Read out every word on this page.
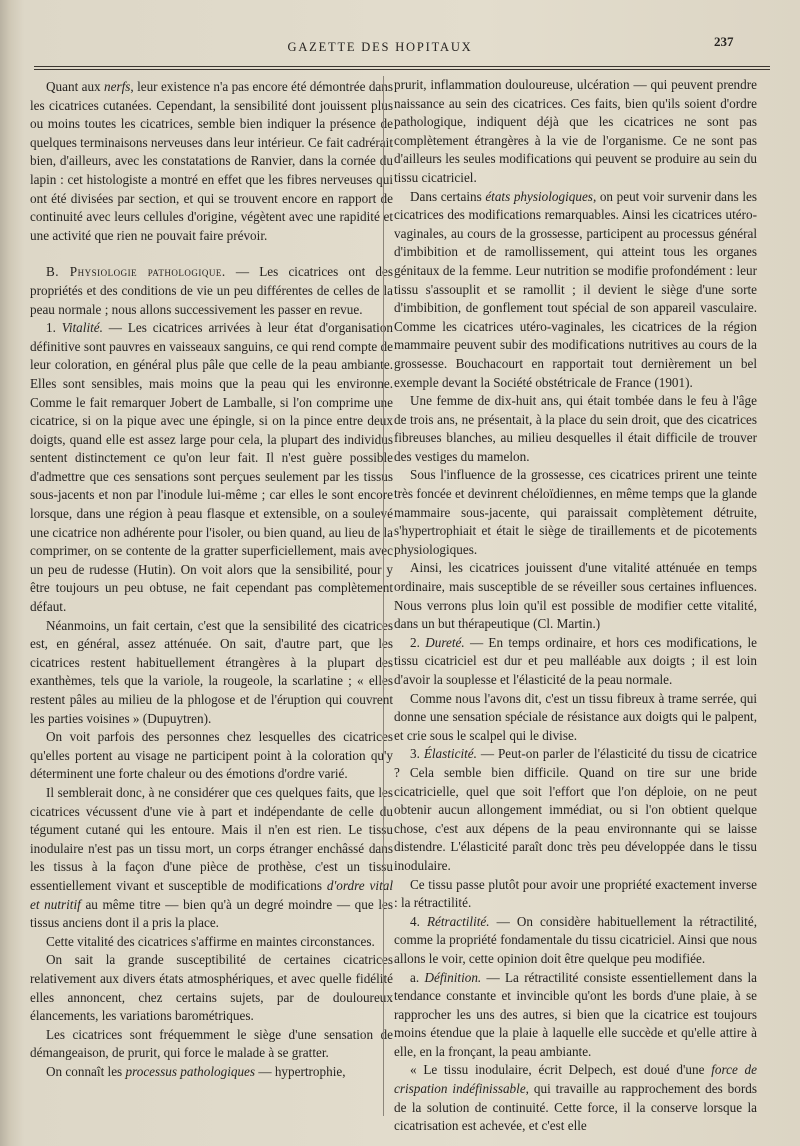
GAZETTE DES HOPITAUX	237

Quant aux nerfs, leur existence n'a pas encore été démontrée dans les cicatrices cutanées. Cependant, la sensibilité dont jouissent plus ou moins toutes les cicatrices, semble bien indiquer la présence de quelques terminaisons nerveuses dans leur intérieur. Ce fait cadrérait bien, d'ailleurs, avec les constatations de Ranvier, dans la cornée du lapin : cet histologiste a montré en effet que les fibres nerveuses qui ont été divisées par section, et qui se trouvent encore en rapport de continuité avec leurs cellules d'origine, végètent avec une rapidité et une activité que rien ne pouvait faire prévoir.

B. Physiologie pathologique. — Les cicatrices ont des propriétés et des conditions de vie un peu différentes de celles de la peau normale ; nous allons successivement les passer en revue.

1. Vitalité. — Les cicatrices arrivées à leur état d'organisation définitive sont pauvres en vaisseaux sanguins, ce qui rend compte de leur coloration, en général plus pâle que celle de la peau ambiante. Elles sont sensibles, mais moins que la peau qui les environne. Comme le fait remarquer Jobert de Lamballe, si l'on comprime une cicatrice, si on la pique avec une épingle, si on la pince entre deux doigts, quand elle est assez large pour cela, la plupart des individus sentent distinctement ce qu'on leur fait. Il n'est guère possible d'admettre que ces sensations sont perçues seulement par les tissus sous-jacents et non par l'inodule lui-même ; car elles le sont encore lorsque, dans une région à peau flasque et extensible, on a soulevé une cicatrice non adhérente pour l'isoler, ou bien quand, au lieu de la comprimer, on se contente de la gratter superficiellement, mais avec un peu de rudesse (Hutin). On voit alors que la sensibilité, pour y être toujours un peu obtuse, ne fait cependant pas complètement défaut.

Néanmoins, un fait certain, c'est que la sensibilité des cicatrices est, en général, assez atténuée. On sait, d'autre part, que les cicatrices restent habituellement étrangères à la plupart des exanthèmes, tels que la variole, la rougeole, la scarlatine ; « elles restent pâles au milieu de la phlogose et de l'éruption qui couvrent les parties voisines » (Dupuytren).

On voit parfois des personnes chez lesquelles des cicatrices qu'elles portent au visage ne participent point à la coloration qu'y déterminent une forte chaleur ou des émotions d'ordre varié.

Il semblerait donc, à ne considérer que ces quelques faits, que les cicatrices vécussent d'une vie à part et indépendante de celle du tégument cutané qui les entoure. Mais il n'en est rien. Le tissu inodulaire n'est pas un tissu mort, un corps étranger enchâssé dans les tissus à la façon d'une pièce de prothèse, c'est un tissu essentiellement vivant et susceptible de modifications d'ordre vital et nutritif au même titre — bien qu'à un degré moindre — que les tissus anciens dont il a pris la place.

Cette vitalité des cicatrices s'affirme en maintes circonstances.

On sait la grande susceptibilité de certaines cicatrices relativement aux divers états atmosphériques, et avec quelle fidélité elles annoncent, chez certains sujets, par de douloureux élancements, les variations barométriques.

Les cicatrices sont fréquemment le siège d'une sensation de démangeaison, de prurit, qui force le malade à se gratter.

On connaît les processus pathologiques — hypertrophie,

prurit, inflammation douloureuse, ulcération — qui peuvent prendre naissance au sein des cicatrices. Ces faits, bien qu'ils soient d'ordre pathologique, indiquent déjà que les cicatrices ne sont pas complètement étrangères à la vie de l'organisme. Ce ne sont pas d'ailleurs les seules modifications qui peuvent se produire au sein du tissu cicatriciel.

Dans certains états physiologiques, on peut voir survenir dans les cicatrices des modifications remarquables. Ainsi les cicatrices utéro-vaginales, au cours de la grossesse, participent au processus général d'imbibition et de ramollissement, qui atteint tous les organes génitaux de la femme. Leur nutrition se modifie profondément : leur tissu s'assouplit et se ramollit ; il devient le siège d'une sorte d'imbibition, de gonflement tout spécial de son appareil vasculaire. Comme les cicatrices utéro-vaginales, les cicatrices de la région mammaire peuvent subir des modifications nutritives au cours de la grossesse. Bouchacourt en rapportait tout dernièrement un bel exemple devant la Société obstétricale de France (1901).

Une femme de dix-huit ans, qui était tombée dans le feu à l'âge de trois ans, ne présentait, à la place du sein droit, que des cicatrices fibreuses blanches, au milieu desquelles il était difficile de trouver des vestiges du mamelon.

Sous l'influence de la grossesse, ces cicatrices prirent une teinte très foncée et devinrent chéloïdiennes, en même temps que la glande mammaire sous-jacente, qui paraissait complètement détruite, s'hypertrophiait et était le siège de tiraillements et de picotements physiologiques.

Ainsi, les cicatrices jouissent d'une vitalité atténuée en temps ordinaire, mais susceptible de se réveiller sous certaines influences. Nous verrons plus loin qu'il est possible de modifier cette vitalité, dans un but thérapeutique (Cl. Martin.)

2. Dureté. — En temps ordinaire, et hors ces modifications, le tissu cicatriciel est dur et peu malléable aux doigts ; il est loin d'avoir la souplesse et l'élasticité de la peau normale.

Comme nous l'avons dit, c'est un tissu fibreux à trame serrée, qui donne une sensation spéciale de résistance aux doigts qui le palpent, et crie sous le scalpel qui le divise.

3. Élasticité. — Peut-on parler de l'élasticité du tissu de cicatrice ? Cela semble bien difficile. Quand on tire sur une bride cicatricielle, quel que soit l'effort que l'on déploie, on ne peut obtenir aucun allongement immédiat, ou si l'on obtient quelque chose, c'est aux dépens de la peau environnante qui se laisse distendre. L'élasticité paraît donc très peu développée dans le tissu inodulaire.

Ce tissu passe plutôt pour avoir une propriété exactement inverse : la rétractilité.

4. Rétractilité. — On considère habituellement la rétractilité, comme la propriété fondamentale du tissu cicatriciel. Ainsi que nous allons le voir, cette opinion doit être quelque peu modifiée.

a. Définition. — La rétractilité consiste essentiellement dans la tendance constante et invincible qu'ont les bords d'une plaie, à se rapprocher les uns des autres, si bien que la cicatrice est toujours moins étendue que la plaie à laquelle elle succède et qu'elle attire à elle, en la fronçant, la peau ambiante.

« Le tissu inodulaire, écrit Delpech, est doué d'une force de crispation indéfinissable, qui travaille au rapprochement des bords de la solution de continuité. Cette force, il la conserve lorsque la cicatrisation est achevée, et c'est elle
